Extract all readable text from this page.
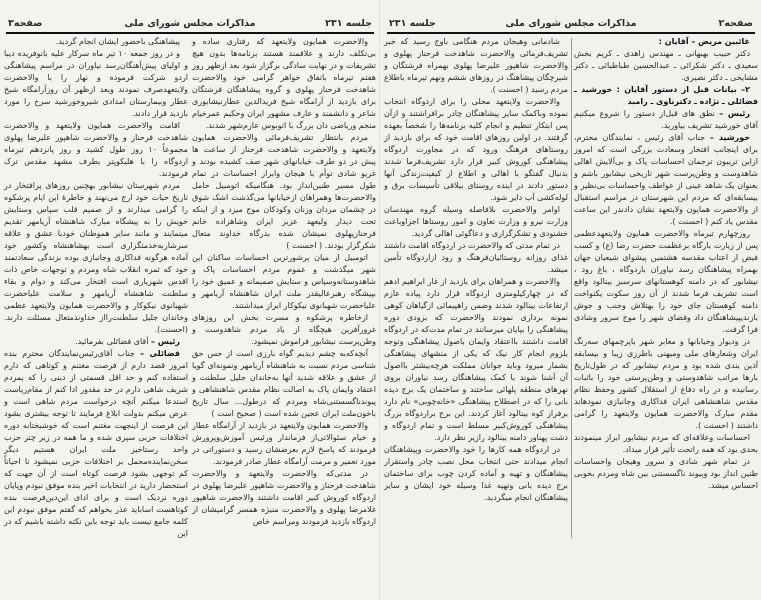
جلسه ۲۳۱
مذاکرات مجلس شورای ملی
صفحه۳

والاحضرت همایون ولایتعهد که رفتاری ساده و بی‌تکلف دارند و علاقمند هستند برنامه‌ها بدون هیچ تشریفات و در نهایت سادگی برگزار شود بعد ازظهر روز هفتم تیرماه باتفاق خواهر گرامی خود والاحضرت شاهدخت فرحناز پهلوی و گروه پیشاهنگان فرشتگان برای بازدید از آرامگاه شیخ فریدالدین عطارنیشابوری شاعر و دانشمند و عارف مشهور ایران وحکیم عمرخیام منجم وریاضی دان بزرگ با اتوبوس عازم‌شهر شدند.

مردم بانتظار تشریف‌فرمائی والاحضرت همایون ولایتعهد و والاحضرت شاهدخت فرحناز از ساعت ها پیش در دو طرف خیابانهای شهر صف کشیده بودند و غریو شادی توأم با هیجان وابراز احساسات در تمام طول مسیر طنین‌انداز بود. هنگامیکه اتومبیل حامل والاحضرت‌ها وهمراهان ازخیابانها می‌گذشت اشک شوق در چشمان مردان وزنان وکودکان موج میزد و از اینکه تحت دیدار ولیعهد عزیز ایران وشاهزاده خانم فرحنازپهلوی نمیشان شده بدرگاه خداوند متعال شکرگزار بودند. ( احسنت )

اتومبیل از میان پرشورترین احساسات ساکنان این شهر میگذشت و عموم مردم احساسات پاک و شاهدوستانه‌وسپاس و ستایش صمیمانه و عمیق خود را بپیشگاه رهبرعالیقدر ملت ایران شاهنشاه آریامهر و علیاحضرت شهبانوی نیکوکار ابراز میداشتند.

ازخاطره پرشکوه و مسرت بخش این روزهای غرورآفرین هیچگاه از یاد مردم شاهدوست و وطن‌پرست نیشابور فراموش نمیشود.

آنچه‌که‌به چشم دیدیم گواه بارزی است از حس حق شناسی مردم نسبت به شاهنشاه آریامهر ونمونه‌ای گویا از عشق و علاقه شدید آنها به‌خاندان جلیل سلطنت و اعتقاد وایمان پاک به اصالت نظام مقدس شاهنشاهی و پیوندناگسستنی‌شاه ومردم که درطول... سال تاریخ باخون‌ملت ایران عجین شده است ( صحیح است )

والاحضرت همایون ولایتعهد در بازدید از آرامگاه عطار و خیام سئوالاتی‌از فرماندار ورئیس آموزش‌وپرورش فرمودند که پاسخ لازم بعرضشان رسید و دستوراتی در مورد تعمیر و مرمت آرامگاه عطار صادر فرمودند.

در مدتی‌که والاحضرت ولایتعهد و والاحضرت شاهدخت فرحناز و والاحضرت شاهپور علیرضا پهلوی در اردوگاه کوروش کبیر اقامت داشتند والاحضرت شاهپور غلامرضا پهلوی و والاحضرت منیژه همسر گرامیشان از اردوگاه بازدید فرمودند ومراسم خاص

پیشاهنگی باحضور ایشان انجام گردید.

و در روز جمعه ۱۰ تیر ماه سرکار علیه بانوفریده دیبا و اولیای پیش‌آهنگان‌رسد نیاوران در مراسم پیشاهنگی اردو شرکت فرموده و نهار را با والاحضرت ولایتعهدصرف نمودند وبعد ازظهر آن روزآرامگاه شیخ عطار وبیمارستان امدادی شیروخورشید سرخ را مورد بازدید قرار دادند.

اقامت والاحضرت همایون ولایتعهد و والاحضرت شاهدخت فرحناز و والاحضرت شاهپور علیرضا پهلوی مجموعاً ۱۰ روز طول کشید و روز پانزدهم تیرماه اردوگاه را با هلیکوپتر بطرف مشهد مقدس ترک فرمودند.

مردم شهرستان نیشابور بهچنین روزهای پرافتخار در تاریخ حیات خود ارج می‌نهند و خاطرهٔ این ایام پرشکوه را گرامی میدارند و از صمیم قلب سپاس وستایش خویش را به پیشگاه مبارک شاهنشاه آریامهر تقدیم میتمایند و مانند سایر هموطنان خودبا عشق و علاقه سرشاربه‌خدمتگزاری است بهشاهنشاه وکشور خود آماده هرگونه فداکاری وجانبازی بوده بزندگی سعادتمند خود که ثمره انقلاب شاه ومردم و توجهات خاص ذات اقدس شهریاری است افتخار می‌کند و دوام و بقاء سلطنت شاهنشاه آریامهر و سلامت علیاحضرت شهبانوی نیکوکار و والاحضرت همایون ولایتعهد عظمی وخاندان جلیل سلطنت‌رااز خداوندمتعال مسئلت دارند. (احسنت).

رئیس – آقای فضائلی بفرمائید.

فضائلی – جناب آقای‌رئیس‌نمایندگان محترم بنده امروز قصد دارم از فرصت مغتنم و کوتاهی که دارم استفاده کنم و حد اقل قسمتی از دینی را که بمردم شریف شاهی دارم در حد مقدور ادا کنم از مقام‌ریاست استدعا میکنم آنچه درخواست مردم شاهی است و عرض میکنم بدولت ابلاغ فرمایند تا توجه بیشتری بشود این فرصت از اینجهت مغتنم است که خوشبختانه دوره اختلافات حزبی سپری شده و ما همه در زیر چتر حزب واحد رستاخیز ملت ایران هستیم دیگر سخن‌نماینده‌محمل بر اختلافات حزبی نمیشود تا احیاناً کم توجهی بشود فرصت کوتاه است از آن جهت که استحضار دارید در انتخابات اخیر بنده موفق نبودم وپایان دوره نزدیک است و برای ادای این‌دین‌فرصت بنده کوتاهست اساباید عذر بخواهم که گفتم موفق نبودم این کلمه جامع نیست باید توجه باین نکته داشته باشیم که در این

صفحه۲
مذاکرات مجلس شورای ملی
جلسه ۲۳۱

غائبین مریض – آقایان :

دکتر حبیب بهبهانی ـ مهندس زاهدی ـ کریم بخش سعیدی ـ دکتر شکرائی ـ عبدالحسین طباطبائی ـ دکتر مشایخی ـ دکتر نصیری.

۲– بیانات قبل از دستور آقایان : خورشید ـ فضائلی ـ نژاده ـ دکترناوی ـ رامبد

رئیس – نطق های قبل‌از دستور را شروع میکنیم آقای خورشید تشریف بیاورید.

خورشید – جناب آقای رئیس ، نمایندگان محترم، برای اینجانب افتخار وسعادت بزرگی است که امروز ازاین تریبون ترجمان احساسات پاک و بی‌آلایش اهالی شاهدوست و وطن‌پرست شهر تاریخی نیشابور باشم و بعنوان یک شاهد عینی از عواطف واحساسات بی‌نظیر و بیسابقه‌ای که مردم این شهرستان در مراسم استقبال از والاحضرت همایون ولایتعهد نشان دادندر این ساعت مقدس یاد کنم ( احسنت ).

روزچهارم تیرماه والاحضرت همایون ولایتعهدعظمی پس از زیارت بارگاه برعظمت حضرت رضا (ع) و کسب فیض از اعتاب مقدسه هشتمین پیشوای شیعیان جهان بهمراه پیشاهنگان رسد نیاوران باردوگاه ، باغ رود ، نیشابور که در دامنه کوهستانهای سرسبز بینالود واقع است تشریف فرما شدند از آن روز سکوت یکنواخت دامنه کوهستان جای خود را بهتلاش وجنب و جوش بازندیپیشاهنگان داد وفضای شهر را موج سرور وشادی فرا گرفت.

در ودیوار وخیابانها و معابر شهر باپرچمهای سه‌رنگ ایران وشعارهای ملی ومیهنی باطرزی زیبا و بیسابقه آذین بندی شده بود و مردم نیشابور که در طول‌تاریخ بارها مراتب شاهدوستی و وطن‌پرستی خود را باثبات رسانیده و در راه دفاع از استقلال کشور وحفظ نظام مقدس شاهنشاهی ایران فداکاری وجانبازی نمودهاند مقدم مبارک والاحضرت همایون ولایتعهد را گرامی داشتند ( احسنت ).

احساسات وعلاقه‌ای که مردم نیشابور ابراز مینمودند بحدی بود که همه راتحت تأثیر قرار میداد.

در تمام شهر شادی و سرور وهیجان واحساسات طنین انداز بود وپیوند ناگسستنی بین شاه ومردم بخوبی احساس میشد.

شادمانی وهیجان مردم هنگامی باوج رسید که خبر تشریف‌فرمائی والاحضرت شاهدخت فرحناز پهلوی و والاحضرت شاهپور علیرضا پهلوی بهمراه فرشتگان و شیرچگان پیشاهنگ در روزهای ششم ونهم تیرماه باطلاع مردم رسید ( احسنت ).

والاحضرت ولایتعهد محلی را برای اردوگاه انتخاب نموده وبا‌کمک سایر پیشاهنگان چادر برافراشتند و ازآن پس ابتکار تنظیم و انجام کلیه برنامه‌ها را شخصاً بعهده گرفتند. در اولین روزهای اقامت خود که برای بازدید از روستاهای فرهنگ ورود که در مجاورت اردوگاه پیشاهنگی کوروش کبیر قرار دارد تشریف‌فرما شدند بدنبال گفتگو با اهالی و اطلاع از کیفیت‌زندگی آنها دستور دادند در اینده روستای بیلاقی تأسیسات برق و لوله‌کشی آب دایر شود.

اوامر والاحضرت بلافاصله وسیله گروه مهندسان وزارت نیرو و وزارت تعاون و امور روستاها اجراوباعث خشنودی و تشکرگزاری و دعاگوئی اهالی گردید.

در تمام مدتی که والاحضرت در اردوگاه اقامت داشتند غذای روزانه روستائیان‌فرهنگ و رود ازاردوگاه تأمین میشد.

والاحضرت و همراهان برای بازدید از غار ابراهیم ادهم که در چهارکیلومتری اردوگاه قرار دارد پیاده عازم ارتفاعات بینالود شدند وضمن راهپیمائی ازگیاهان کوهی نمونه برداری نمودند والاحضرت که بزودی دوره پیشاهنگی را بپایان میرسانند در تمام مدت‌که در اردوگاه اقامت داشتند بااعتقاد وایمان باصول پیشاهنگی وتوجه بلزوم انجام کار نیک که یکی از منشهای پیشاهنگی بشمار میرود وباید جوانان مملکت هرچه‌بیشتر بااصول آن آشنا شوند با کمک پیشاهنگان رسد نیاوران بروی نهرهای منطقه پلهائی ساختند و ساختمان یک برج دیده بانی را که در اصطلاح پیشاهنگی «خانه‌چوبی» نام دارد برفراز کوه بینالود آغاز کردند. این برج براردوگاه بزرگ پیشاهنگی کوروش‌کبیر مسلط است و تمام اردوگاه و دشت پهناور دامنه بینالود رازیر نظر دارد.

در اردوگاه همه کارها را خود والاحضرت وپیشاهنگان انجام میدادند حتی انتخاب محل نصب چادر واستقرار پیشاهنگان و تهیه و آماده کردن چوب برای ساختمان برج دیده بانی وتهیه غذا وسیله خود ایشان و سایر پیشاهنگان انجام میگردید.
